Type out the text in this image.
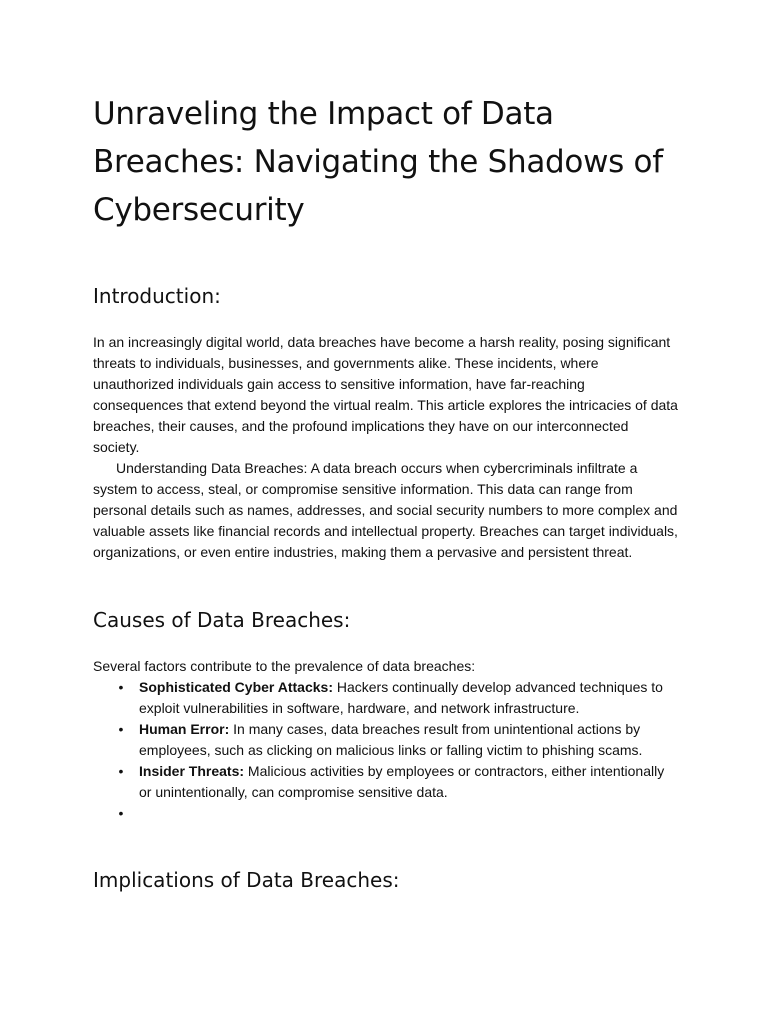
Unraveling the Impact of Data Breaches: Navigating the Shadows of Cybersecurity
Introduction:

In an increasingly digital world, data breaches have become a harsh reality, posing significant threats to individuals, businesses, and governments alike. These incidents, where unauthorized individuals gain access to sensitive information, have far-reaching consequences that extend beyond the virtual realm. This article explores the intricacies of data breaches, their causes, and the profound implications they have on our interconnected society.

Understanding Data Breaches: A data breach occurs when cybercriminals infiltrate a system to access, steal, or compromise sensitive information. This data can range from personal details such as names, addresses, and social security numbers to more complex and valuable assets like financial records and intellectual property. Breaches can target individuals, organizations, or even entire industries, making them a pervasive and persistent threat.

Causes of Data Breaches:

Several factors contribute to the prevalence of data breaches:

• Sophisticated Cyber Attacks: Hackers continually develop advanced techniques to exploit vulnerabilities in software, hardware, and network infrastructure.
• Human Error: In many cases, data breaches result from unintentional actions by employees, such as clicking on malicious links or falling victim to phishing scams.
• Insider Threats: Malicious activities by employees or contractors, either intentionally or unintentionally, can compromise sensitive data.
•
Implications of Data Breaches:
